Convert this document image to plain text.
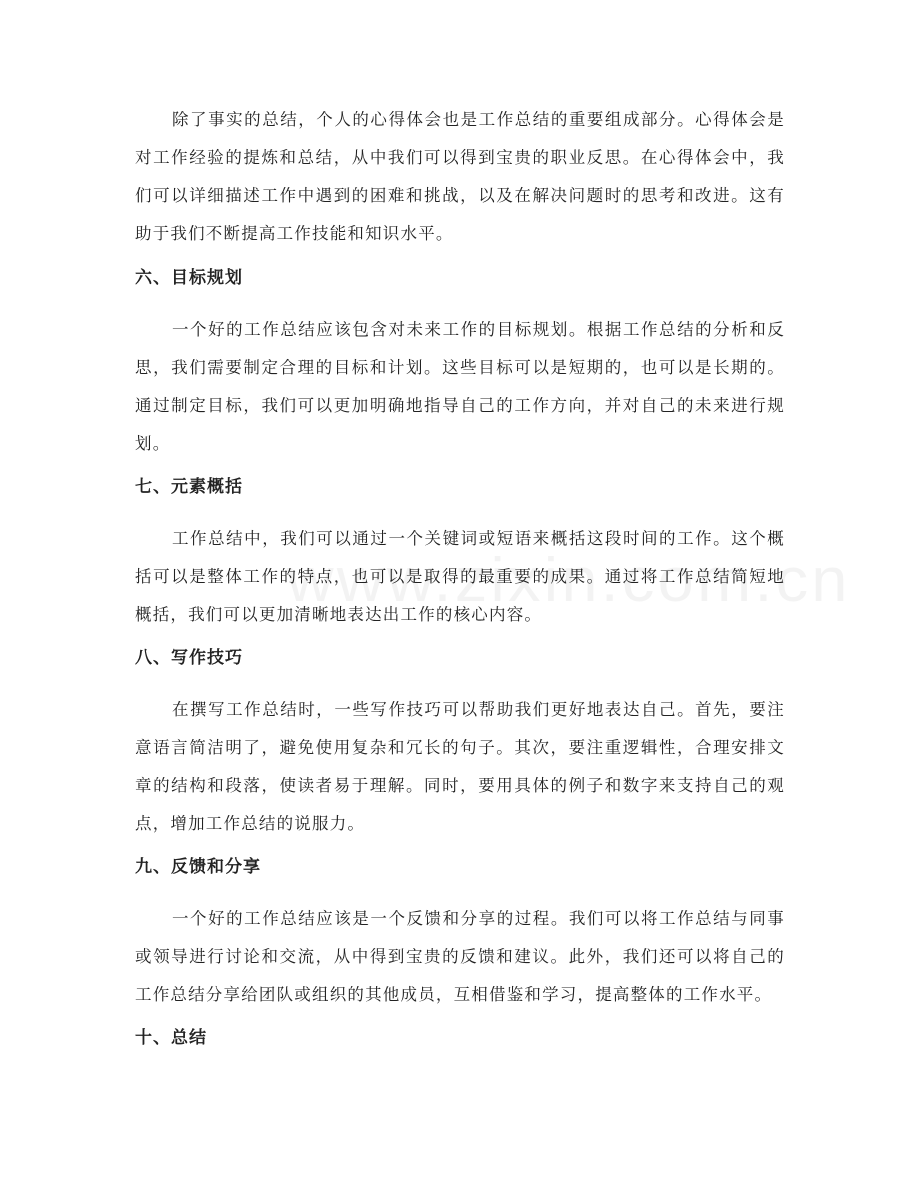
除了事实的总结，个人的心得体会也是工作总结的重要组成部分。心得体会是对工作经验的提炼和总结，从中我们可以得到宝贵的职业反思。在心得体会中，我们可以详细描述工作中遇到的困难和挑战，以及在解决问题时的思考和改进。这有助于我们不断提高工作技能和知识水平。

六、目标规划

一个好的工作总结应该包含对未来工作的目标规划。根据工作总结的分析和反思，我们需要制定合理的目标和计划。这些目标可以是短期的，也可以是长期的。通过制定目标，我们可以更加明确地指导自己的工作方向，并对自己的未来进行规划。

七、元素概括

工作总结中，我们可以通过一个关键词或短语来概括这段时间的工作。这个概括可以是整体工作的特点，也可以是取得的最重要的成果。通过将工作总结简短地概括，我们可以更加清晰地表达出工作的核心内容。

八、写作技巧

在撰写工作总结时，一些写作技巧可以帮助我们更好地表达自己。首先，要注意语言简洁明了，避免使用复杂和冗长的句子。其次，要注重逻辑性，合理安排文章的结构和段落，使读者易于理解。同时，要用具体的例子和数字来支持自己的观点，增加工作总结的说服力。

九、反馈和分享

一个好的工作总结应该是一个反馈和分享的过程。我们可以将工作总结与同事或领导进行讨论和交流，从中得到宝贵的反馈和建议。此外，我们还可以将自己的工作总结分享给团队或组织的其他成员，互相借鉴和学习，提高整体的工作水平。

十、总结
